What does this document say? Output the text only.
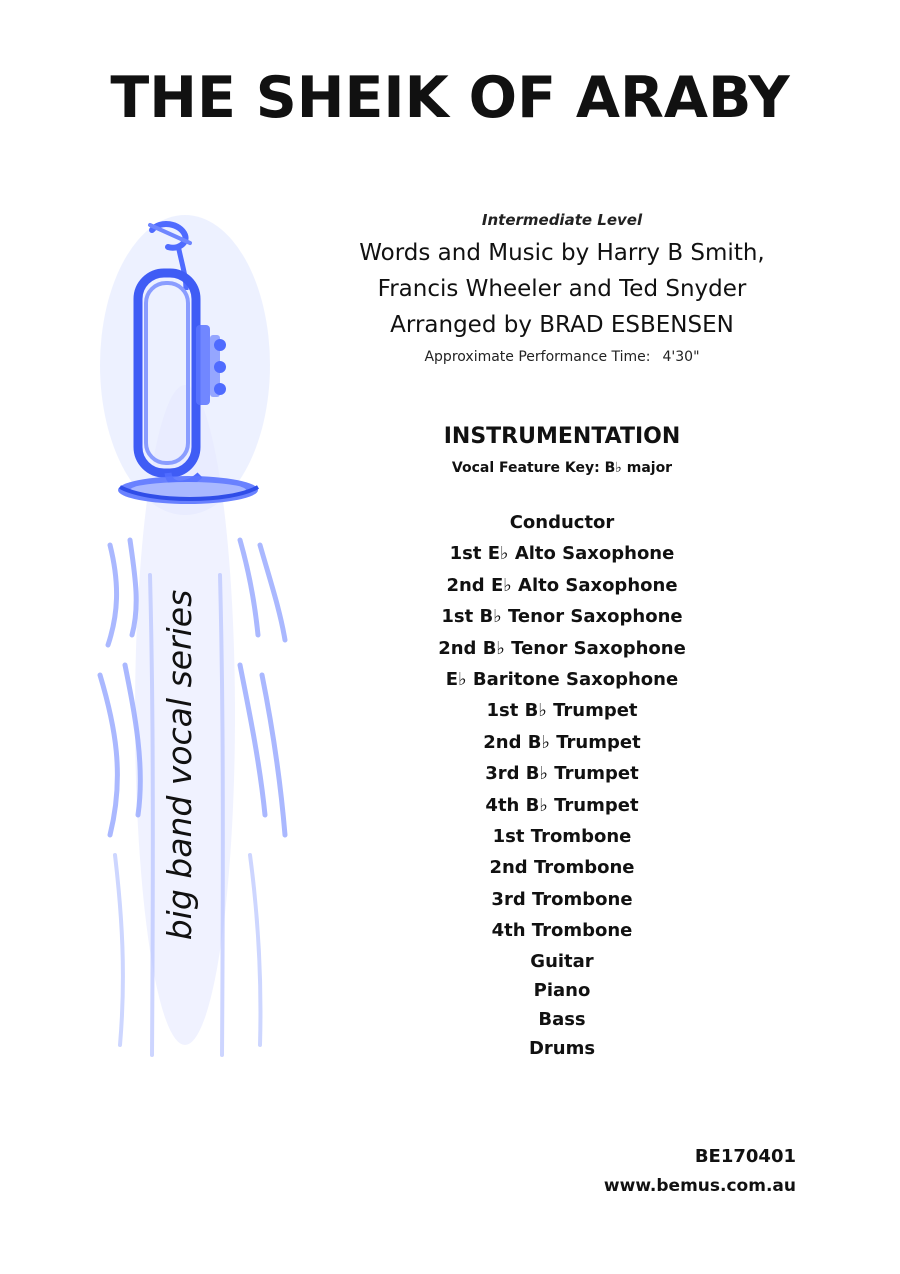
THE SHEIK OF ARABY
big band vocal series
Intermediate Level
Words and Music by Harry B Smith,
Francis Wheeler and Ted Snyder
Arranged by BRAD ESBENSEN
Approximate Performance Time: 4'30"
INSTRUMENTATION
Vocal Feature Key: B♭ major
Conductor
1st E♭ Alto Saxophone
2nd E♭ Alto Saxophone
1st B♭ Tenor Saxophone
2nd B♭ Tenor Saxophone
E♭ Baritone Saxophone
1st B♭ Trumpet
2nd B♭ Trumpet
3rd B♭ Trumpet
4th B♭ Trumpet
1st Trombone
2nd Trombone
3rd Trombone
4th Trombone
Guitar
Piano
Bass
Drums
BE170401
www.bemus.com.au
